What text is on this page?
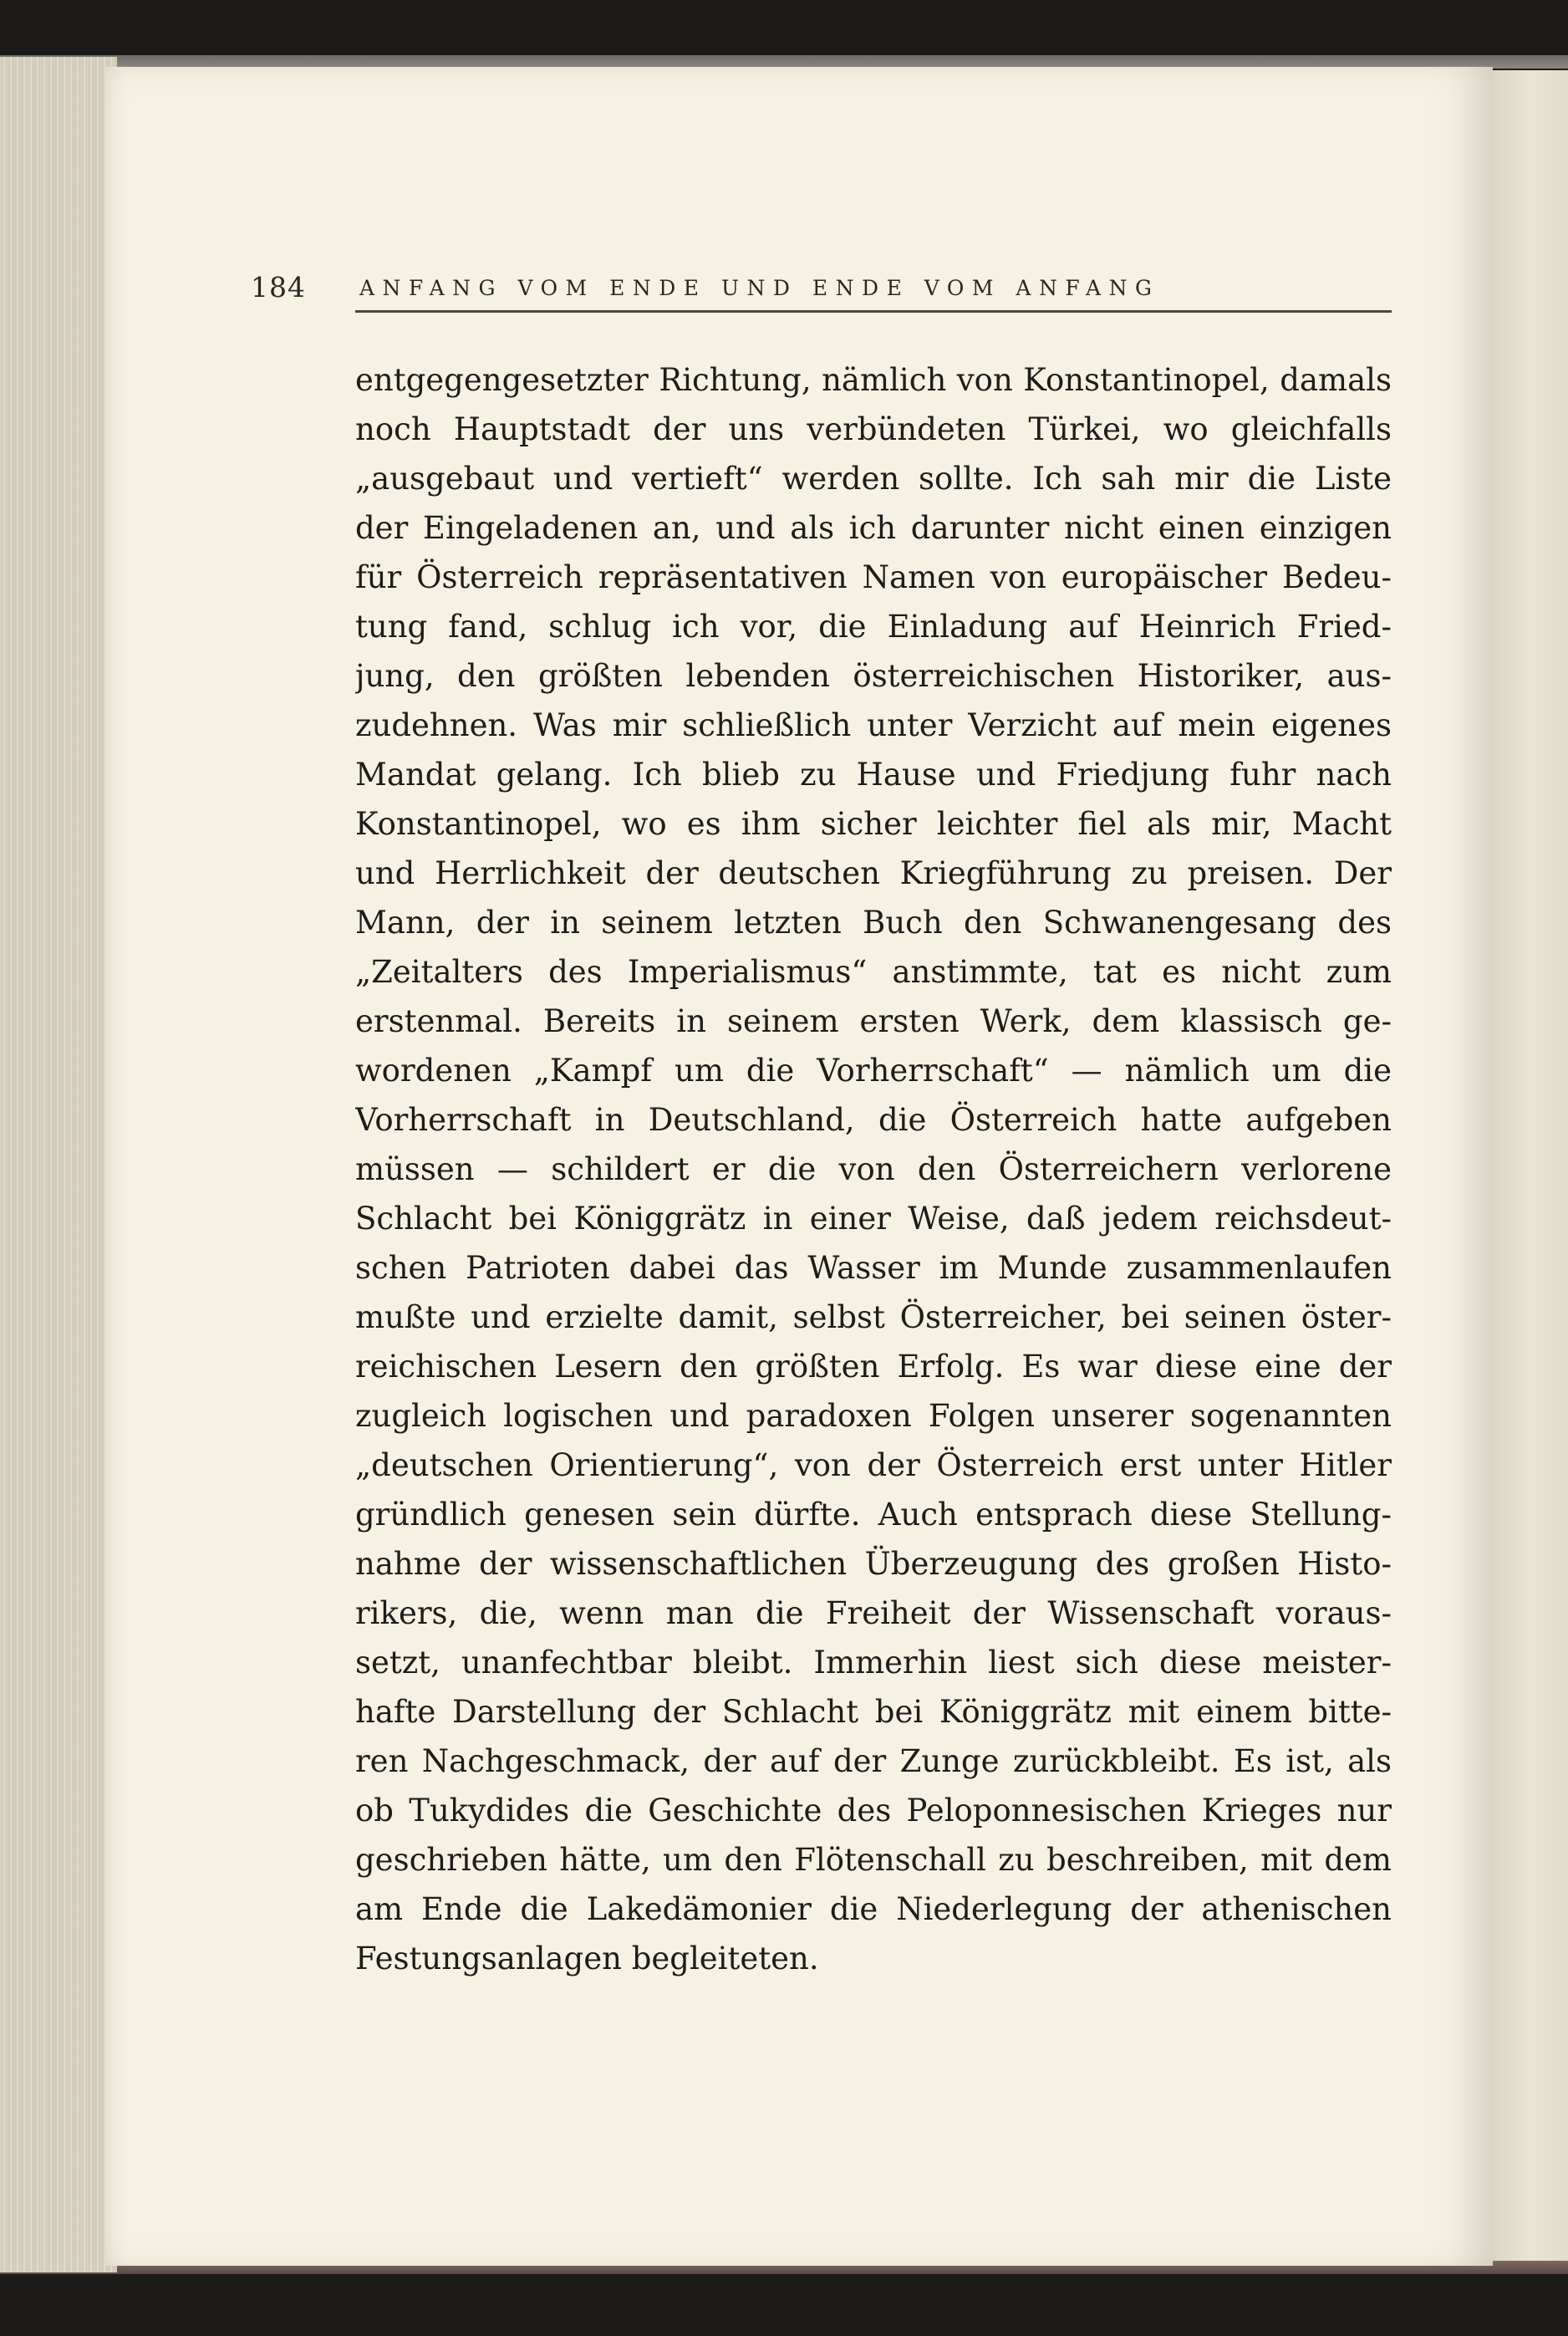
184	ANFANG VOM ENDE UND ENDE VOM ANFANG
entgegengesetzter Richtung, nämlich von Konstantinopel, damals
noch Hauptstadt der uns verbündeten Türkei, wo gleichfalls
„ausgebaut und vertieft“ werden sollte. Ich sah mir die Liste
der Eingeladenen an, und als ich darunter nicht einen einzigen
für Österreich repräsentativen Namen von europäischer Bedeu-
tung fand, schlug ich vor, die Einladung auf Heinrich Fried-
jung, den größten lebenden österreichischen Historiker, aus-
zudehnen. Was mir schließlich unter Verzicht auf mein eigenes
Mandat gelang. Ich blieb zu Hause und Friedjung fuhr nach
Konstantinopel, wo es ihm sicher leichter fiel als mir, Macht
und Herrlichkeit der deutschen Kriegführung zu preisen. Der
Mann, der in seinem letzten Buch den Schwanengesang des
„Zeitalters des Imperialismus“ anstimmte, tat es nicht zum
erstenmal. Bereits in seinem ersten Werk, dem klassisch ge-
wordenen „Kampf um die Vorherrschaft“ — nämlich um die
Vorherrschaft in Deutschland, die Österreich hatte aufgeben
müssen — schildert er die von den Österreichern verlorene
Schlacht bei Königgrätz in einer Weise, daß jedem reichsdeut-
schen Patrioten dabei das Wasser im Munde zusammenlaufen
mußte und erzielte damit, selbst Österreicher, bei seinen öster-
reichischen Lesern den größten Erfolg. Es war diese eine der
zugleich logischen und paradoxen Folgen unserer sogenannten
„deutschen Orientierung“, von der Österreich erst unter Hitler
gründlich genesen sein dürfte. Auch entsprach diese Stellung-
nahme der wissenschaftlichen Überzeugung des großen Histo-
rikers, die, wenn man die Freiheit der Wissenschaft voraus-
setzt, unanfechtbar bleibt. Immerhin liest sich diese meister-
hafte Darstellung der Schlacht bei Königgrätz mit einem bitte-
ren Nachgeschmack, der auf der Zunge zurückbleibt. Es ist, als
ob Tukydides die Geschichte des Peloponnesischen Krieges nur
geschrieben hätte, um den Flötenschall zu beschreiben, mit dem
am Ende die Lakedämonier die Niederlegung der athenischen
Festungsanlagen begleiteten.
